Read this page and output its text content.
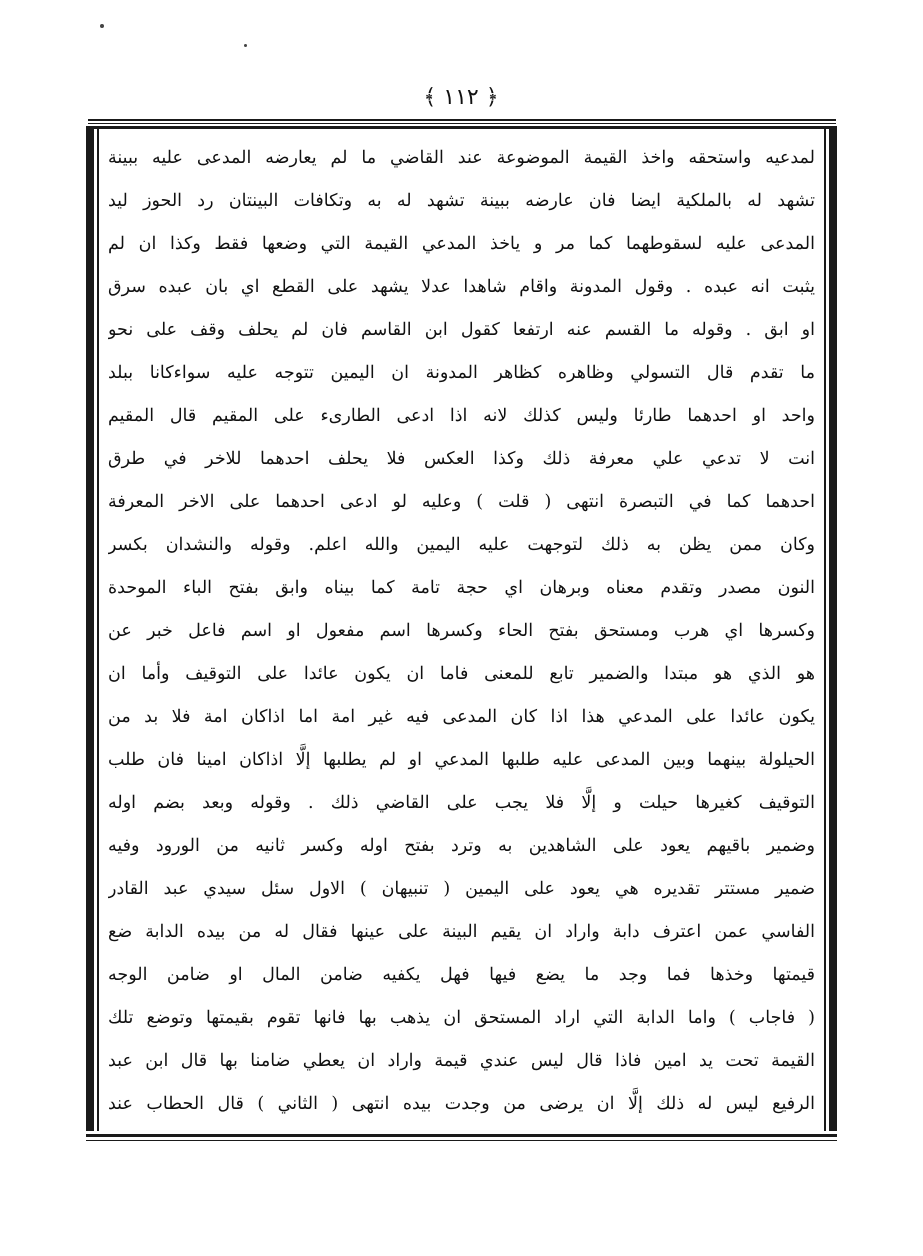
﴿ ١١٢ ﴾
لمدعيه واستحقه واخذ القيمة الموضوعة عند القاضي ما لم يعارضه المدعى عليه ببينة
تشهد له بالملكية ايضا فان عارضه ببينة تشهد له به وتكافات البينتان رد الحوز ليد
المدعى عليه لسقوطهما كما مر و ياخذ المدعي القيمة التي وضعها فقط وكذا ان لم
يثبت انه عبده . وقول المدونة واقام شاهدا عدلا يشهد على القطع اي بان عبده سرق
او ابق . وقوله ما القسم عنه ارتفعا كقول ابن القاسم فان لم يحلف وقف على نحو
ما تقدم قال التسولي وظاهره كظاهر المدونة ان اليمين تتوجه عليه سواءكانا ببلد
واحد او احدهما طارئا وليس كذلك لانه اذا ادعى الطارىء على المقيم قال المقيم
انت لا تدعي علي معرفة ذلك وكذا العكس فلا يحلف احدهما للاخر في طرق
احدهما كما في التبصرة انتهى ( قلت ) وعليه لو ادعى احدهما على الاخر المعرفة
وكان ممن يظن به ذلك لتوجهت عليه اليمين والله اعلم. وقوله والنشدان بكسر
النون مصدر وتقدم معناه وبرهان اي حجة تامة كما بيناه وابق بفتح الباء الموحدة
وكسرها اي هرب ومستحق بفتح الحاء وكسرها اسم مفعول او اسم فاعل خبر عن
هو الذي هو مبتدا والضمير تابع للمعنى فاما ان يكون عائدا على التوقيف وأما ان
يكون عائدا على المدعي هذا اذا كان المدعى فيه غير امة اما اذاكان امة فلا بد من
الحيلولة بينهما وبين المدعى عليه طلبها المدعي او لم يطلبها إلَّا اذاكان امينا فان طلب
التوقيف كغيرها حيلت و إلَّا فلا يجب على القاضي ذلك . وقوله وبعد بضم اوله
وضمير باقيهم يعود على الشاهدين به وترد بفتح اوله وكسر ثانيه من الورود وفيه
ضمير مستتر تقديره هي يعود على اليمين ( تنبيهان ) الاول سئل سيدي عبد القادر
الفاسي عمن اعترف دابة واراد ان يقيم البينة على عينها فقال له من بيده الدابة ضع
قيمتها وخذها فما وجد ما يضع فيها فهل يكفيه ضامن المال او ضامن الوجه
( فاجاب ) واما الدابة التي اراد المستحق ان يذهب بها فانها تقوم بقيمتها وتوضع تلك
القيمة تحت يد امين فاذا قال ليس عندي قيمة واراد ان يعطي ضامنا بها قال ابن عبد
الرفيع ليس له ذلك إلَّا ان يرضى من وجدت بيده انتهى ( الثاني ) قال الحطاب عند
